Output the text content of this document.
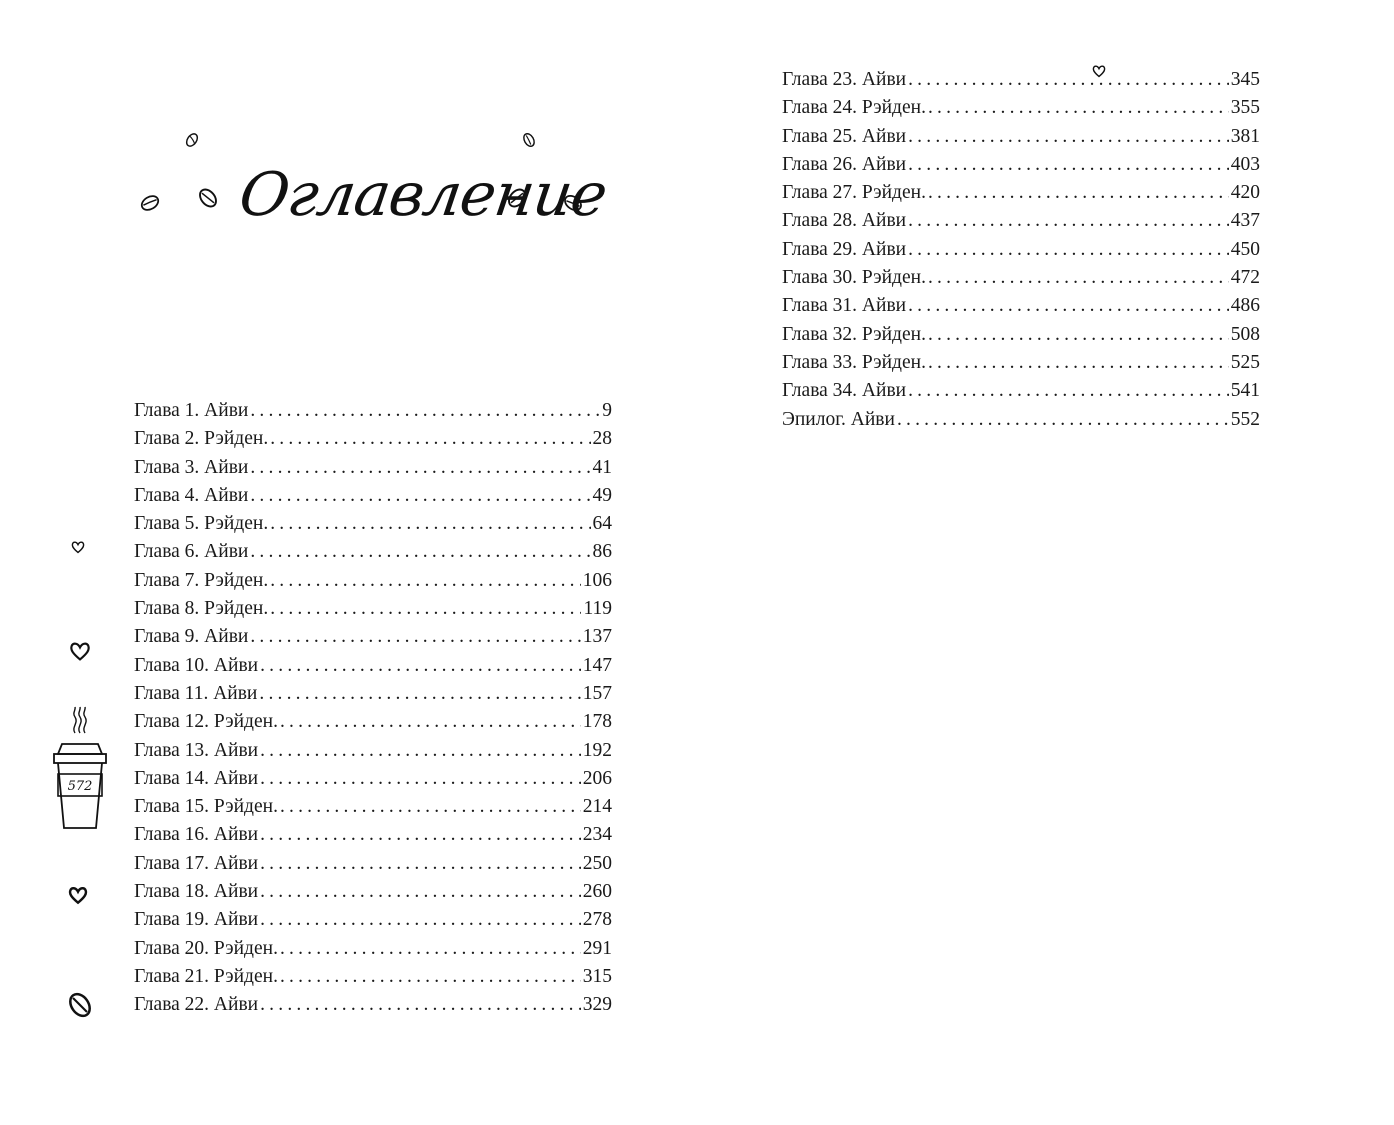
Оглавление
572
Глава 1. Айви .....	9
Глава 2. Рэйден. .....	28
Глава 3. Айви .....	41
Глава 4. Айви .....	49
Глава 5. Рэйден. .....	64
Глава 6. Айви .....	86
Глава 7. Рэйден. .....	106
Глава 8. Рэйден. .....	119
Глава 9. Айви .....	137
Глава 10. Айви .....	147
Глава 11. Айви .....	157
Глава 12. Рэйден. .....	178
Глава 13. Айви .....	192
Глава 14. Айви .....	206
Глава 15. Рэйден. .....	214
Глава 16. Айви .....	234
Глава 17. Айви .....	250
Глава 18. Айви .....	260
Глава 19. Айви .....	278
Глава 20. Рэйден. .....	291
Глава 21. Рэйден. .....	315
Глава 22. Айви .....	329
Глава 23. Айви .....	345
Глава 24. Рэйден. .....	355
Глава 25. Айви .....	381
Глава 26. Айви .....	403
Глава 27. Рэйден. .....	420
Глава 28. Айви .....	437
Глава 29. Айви .....	450
Глава 30. Рэйден. .....	472
Глава 31. Айви .....	486
Глава 32. Рэйден. .....	508
Глава 33. Рэйден. .....	525
Глава 34. Айви .....	541
Эпилог. Айви .....	552
